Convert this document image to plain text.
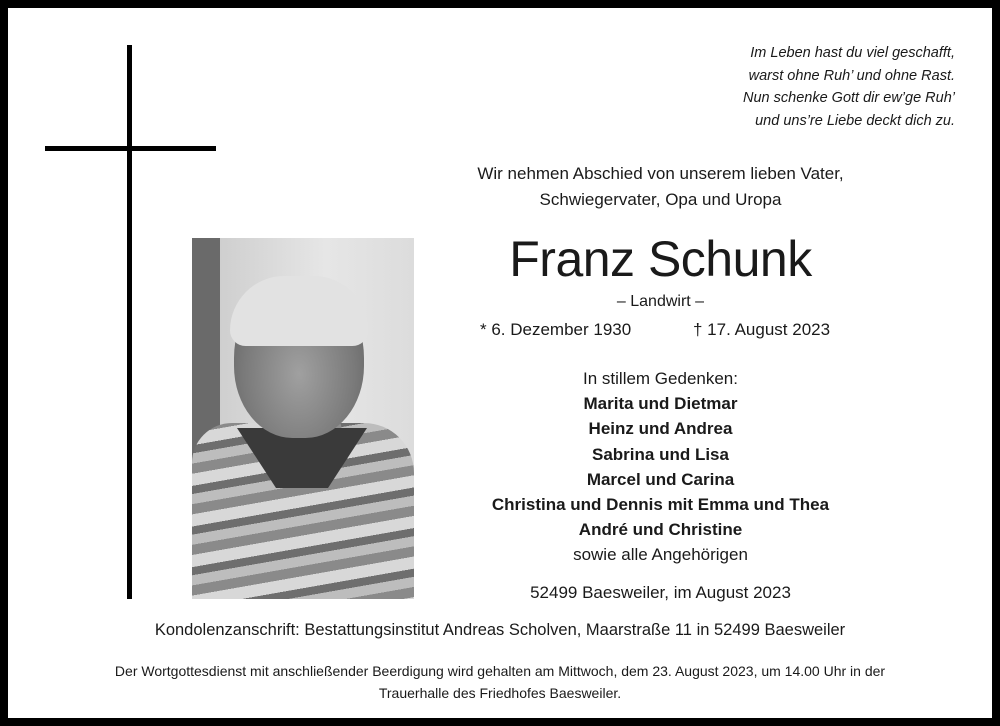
Im Leben hast du viel geschafft,
warst ohne Ruh’ und ohne Rast.
Nun schenke Gott dir ew’ge Ruh’
und uns’re Liebe deckt dich zu.
Wir nehmen Abschied von unserem lieben Vater,
Schwiegervater, Opa und Uropa
Franz Schunk
– Landwirt –
* 6. Dezember 1930	† 17. August 2023
In stillem Gedenken:
Marita und Dietmar
Heinz und Andrea
Sabrina und Lisa
Marcel und Carina
Christina und Dennis mit Emma und Thea
André und Christine
sowie alle Angehörigen
52499 Baesweiler, im August 2023
Kondolenzanschrift: Bestattungsinstitut Andreas Scholven, Maarstraße 11 in 52499 Baesweiler
Der Wortgottesdienst mit anschließender Beerdigung wird gehalten am Mittwoch, dem 23. August 2023, um 14.00 Uhr in der
Trauerhalle des Friedhofes Baesweiler.
